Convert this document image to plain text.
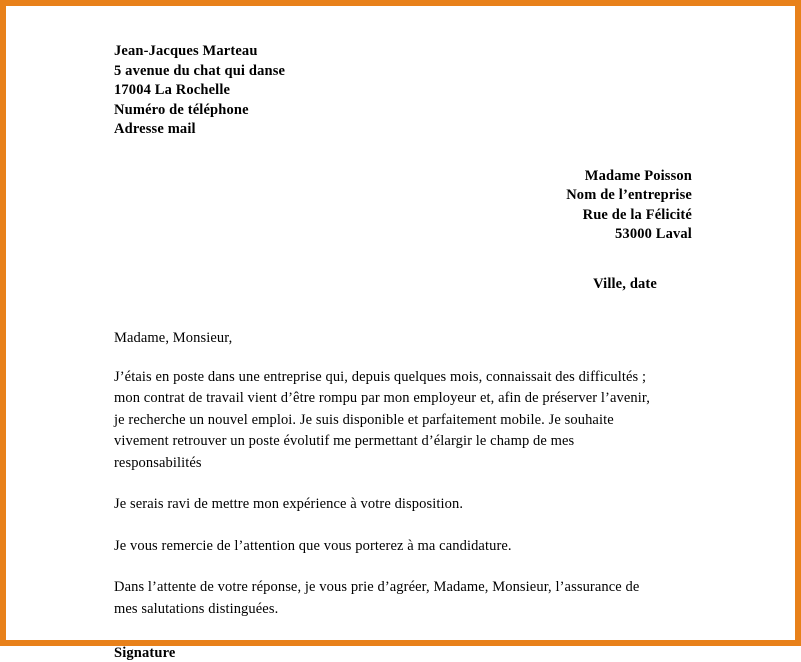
Jean-Jacques Marteau
5 avenue du chat qui danse
17004 La Rochelle
Numéro de téléphone
Adresse mail
Madame Poisson
Nom de l’entreprise
Rue de la Félicité
53000 Laval
Ville, date
Madame, Monsieur,
J’étais en poste dans une entreprise qui, depuis quelques mois, connaissait des difficultés ; mon contrat de travail vient d’être rompu par mon employeur et, afin de préserver l’avenir, je recherche un nouvel emploi. Je suis disponible et parfaitement mobile. Je souhaite vivement retrouver un poste évolutif me permettant d’élargir le champ de mes responsabilités
Je serais ravi de mettre mon expérience à votre disposition.
Je vous remercie de l’attention que vous porterez à ma candidature.
Dans l’attente de votre réponse, je vous prie d’agréer, Madame, Monsieur, l’assurance de mes salutations distinguées.
Signature
